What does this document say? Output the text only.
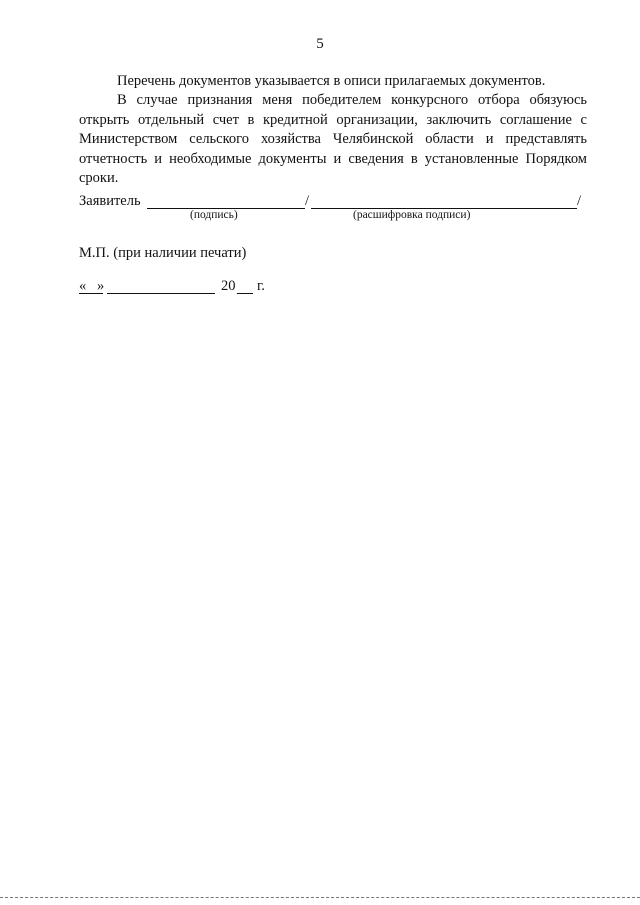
5

Перечень документов указывается в описи прилагаемых документов.

В случае признания меня победителем конкурсного отбора обязуюсь открыть отдельный счет в кредитной организации, заключить соглашение с Министерством сельского хозяйства Челябинской области и представлять отчетность и необходимые документы и сведения в установленные Порядком сроки.

Заявитель	/	/
(подпись)	(расшифровка подписи)
М.П. (при наличии печати)
« »	20 г.
